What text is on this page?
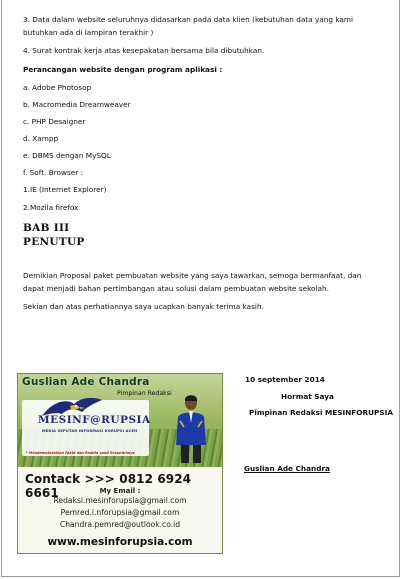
3. Data dalam website seluruhnya didasarkan pada data klien (kebutuhan data yang kami
butuhkan ada di lampiran terakhir )
4. Surat kontrak kerja atas kesepakatan bersama bila dibutuhkan.
Perancangan website dengan program aplikasi :
a. Adobe Photosop
b. Macromedia Dreamweaver
c. PHP Desaigner
d. Xampp
e. DBMS dengan MySQL
f. Soft. Browser :
1.IE (Internet Explorer)
2.Mozila firefox
BAB III
PENUTUP
Demikian Proposal paket pembuatan website yang saya tawarkan, semoga bermanfaat, dan
dapat menjadi bahan pertimbangan atau solusi dalam pembuatan website sekolah.
Sekian dan atas perhatiannya saya ucapkan banyak terima kasih.
Guslian Ade Chandra
Pimpinan Redaksi
MESINF@RUPSIA
MEDIA SEPUTAR INFORMASI KORUPSI ACEH
* Mendemokrasikan Fakta dan Realita yand Sesunfuhnya
Contack >>> 0812 6924 6661	My Email :
Redaksi.mesinforupsia@gmail.com
Pemred.i.nforupsia@gmail.com
Chandra.pemred@outlook.co.id
www.mesinforupsia.com
10 september 2014
Hormat Saya
Pimpinan Redaksi MESINFORUPSIA
Guslian Ade Chandra
